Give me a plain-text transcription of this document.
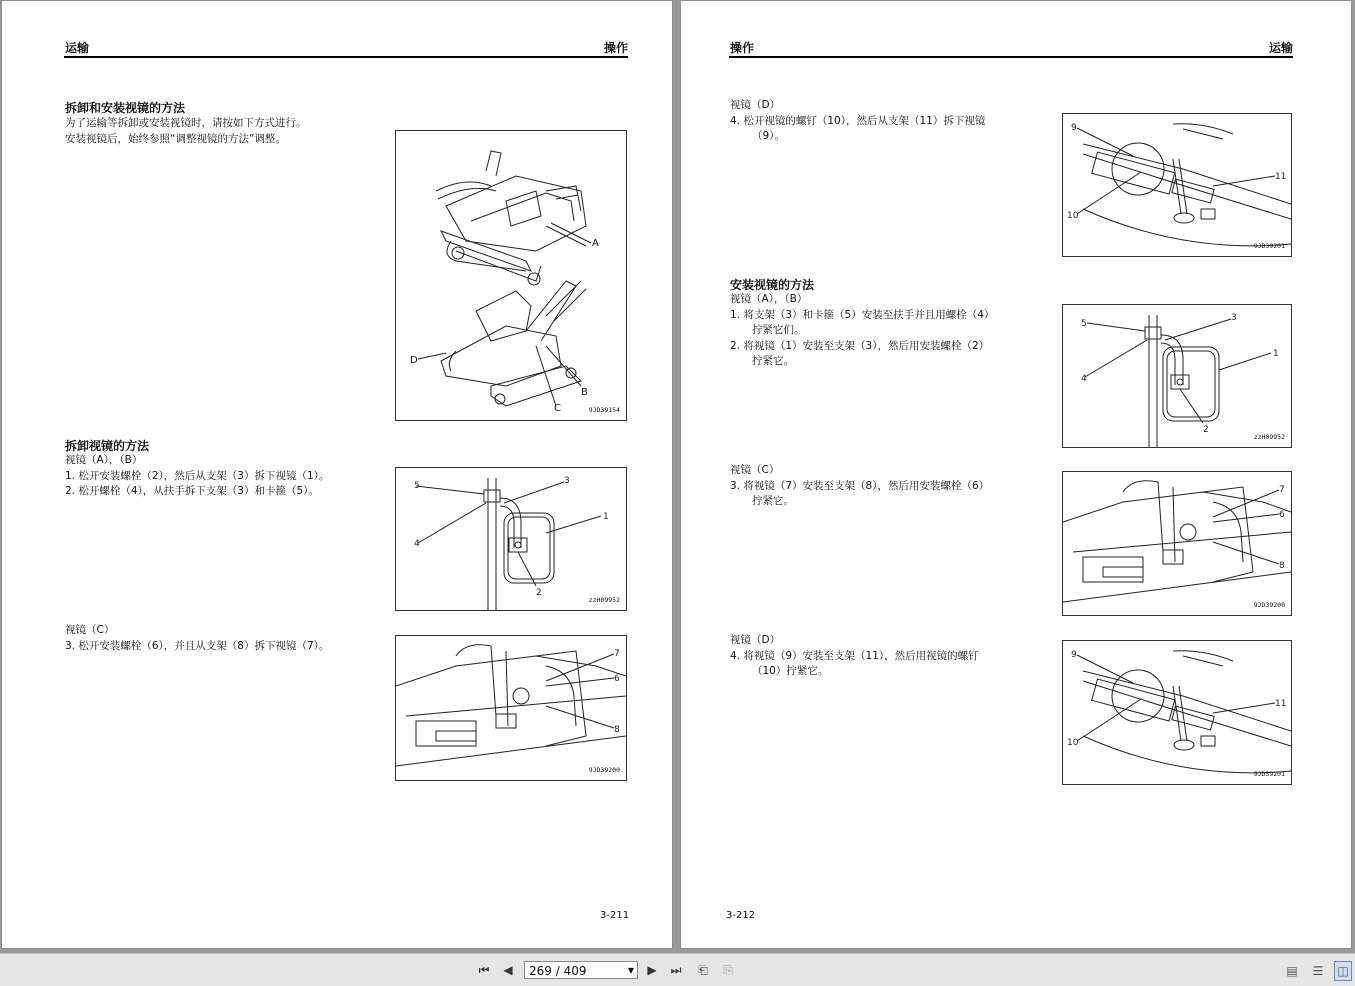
运输	操作
拆卸和安装视镜的方法
为了运输等拆卸或安装视镜时，请按如下方式进行。
安装视镜后，始终参照“调整视镜的方法”调整。
A
B
C
D
9JD39154
拆卸视镜的方法
视镜（A），（B）
1. 松开安装螺栓（2），然后从支架（3）拆下视镜（1）。
2. 松开螺栓（4），从扶手拆下支架（3）和卡箍（5）。
1
2
3
4
5
zzH09952
视镜（C）
3. 松开安装螺栓（6），并且从支架（8）拆下视镜（7）。
6
7
8
9JD39200
3-211
操作	运输
视镜（D）
4. 松开视镜的螺钉（10），然后从支架（11）拆下视镜
（9）。
9
10
11
9JD39201
安装视镜的方法
视镜（A），（B）
1. 将支架（3）和卡箍（5）安装至扶手并且用螺栓（4）
拧紧它们。
2. 将视镜（1）安装至支架（3），然后用安装螺栓（2）
拧紧它。
1
2
3
4
5
zzH09952
视镜（C）
3. 将视镜（7）安装至支架（8），然后用安装螺栓（6）
拧紧它。
6
7
8
9JD39200
视镜（D）
4. 将视镜（9）安装至支架（11），然后用视镜的螺钉
（10）拧紧它。
9
10
11
9JD39201
3-212
⏮ ◀	269 / 409	▼ ▶ ⏭ ⎗ ⎘	▤	☰	◫
